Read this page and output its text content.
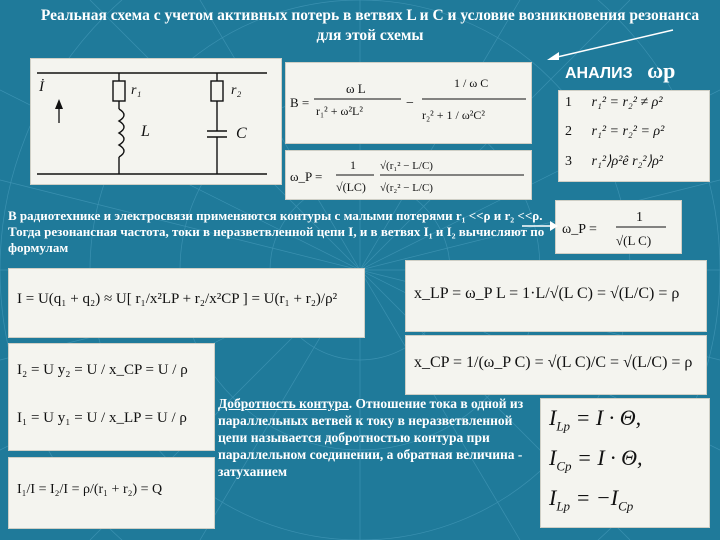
Реальная схема с учетом активных потерь в ветвях L и С и условие возникновения резонанса для этой схемы
АНАЛИЗ ωр
İ	r₁
L
r₂
C
B =
ω L
r₁² + ω²L²	−
1 / ω C
r₂² + 1 / ω²C²
ω_P =
1
√(LC)
√(r₁² − L/C)
√(r₂² − L/C)
1 r₁² = r₂² ≠ ρ²
2 r₁² = r₂² = ρ²
3 r₁²⟩ρ²ê r₂²⟩ρ²
В радиотехнике и электросвязи применяются контуры с малыми потерями r₁ <<ρ и r₂ <<ρ. Тогда резонансная частота, токи в неразветвленной цепи I, и в ветвях I₁ и I₂ вычисляют по формулам
ω_P =
1
√(L C)
I = U(q₁ + q₂) ≈ U[ r₁/x²LP + r₂/x²CP ] = U(r₁ + r₂)/ρ²	x_LP = ω_P L = 1·L/√(L C) = √(L/C) = ρ
x_CP = 1/(ω_P C) = √(L C)/C = √(L/C) = ρ
I₂ = U y₂ = U / x_CP = U / ρ
I₁ = U y₁ = U / x_LP = U / ρ
I₁/I = I₂/I = ρ/(r₁ + r₂) = Q
Добротность контура. Отношение тока в одной из параллельных ветвей к току в неразветвленной цепи называется добротностью контура при параллельном соединении, а обратная величина - затуханием
$I_{Lp} = I \cdot \Theta$,
$I_{Cp} = I \cdot \Theta$,
$I_{Lp} = -I_{Cp}$
